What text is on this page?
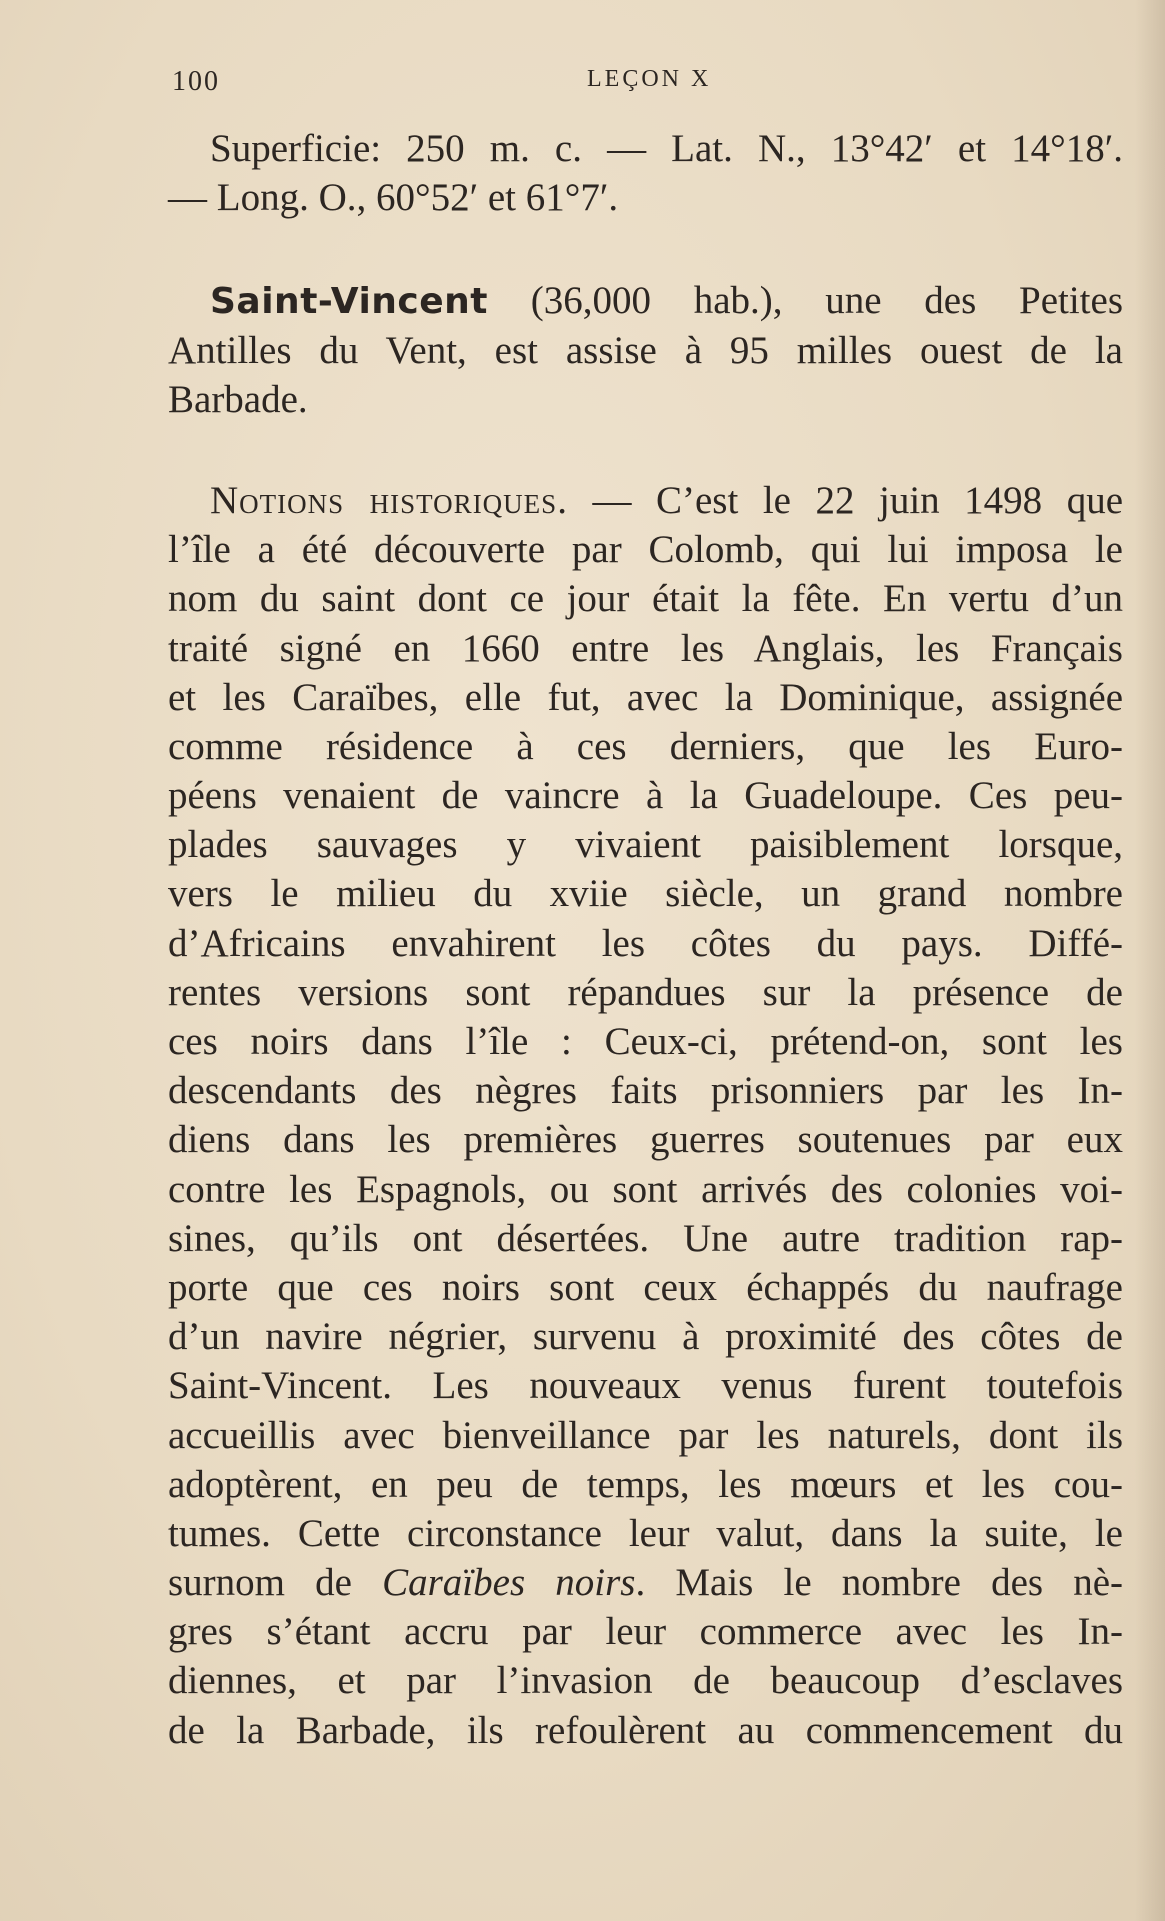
100	LEÇON X
Superficie: 250 m. c. — Lat. N., 13°42′ et 14°18′.
— Long. O., 60°52′ et 61°7′.
Saint-Vincent (36,000 hab.), une des Petites
Antilles du Vent, est assise à 95 milles ouest de la
Barbade.
Notions historiques. — C’est le 22 juin 1498 que
l’île a été découverte par Colomb, qui lui imposa le
nom du saint dont ce jour était la fête. En vertu d’un
traité signé en 1660 entre les Anglais, les Français
et les Caraïbes, elle fut, avec la Dominique, assignée
comme résidence à ces derniers, que les Euro-
péens venaient de vaincre à la Guadeloupe. Ces peu-
plades sauvages y vivaient paisiblement lorsque,
vers le milieu du xviie siècle, un grand nombre
d’Africains envahirent les côtes du pays. Diffé-
rentes versions sont répandues sur la présence de
ces noirs dans l’île : Ceux-ci, prétend-on, sont les
descendants des nègres faits prisonniers par les In-
diens dans les premières guerres soutenues par eux
contre les Espagnols, ou sont arrivés des colonies voi-
sines, qu’ils ont désertées. Une autre tradition rap-
porte que ces noirs sont ceux échappés du naufrage
d’un navire négrier, survenu à proximité des côtes de
Saint-Vincent. Les nouveaux venus furent toutefois
accueillis avec bienveillance par les naturels, dont ils
adoptèrent, en peu de temps, les mœurs et les cou-
tumes. Cette circonstance leur valut, dans la suite, le
surnom de Caraïbes noirs. Mais le nombre des nè-
gres s’étant accru par leur commerce avec les In-
diennes, et par l’invasion de beaucoup d’esclaves
de la Barbade, ils refoulèrent au commencement du
